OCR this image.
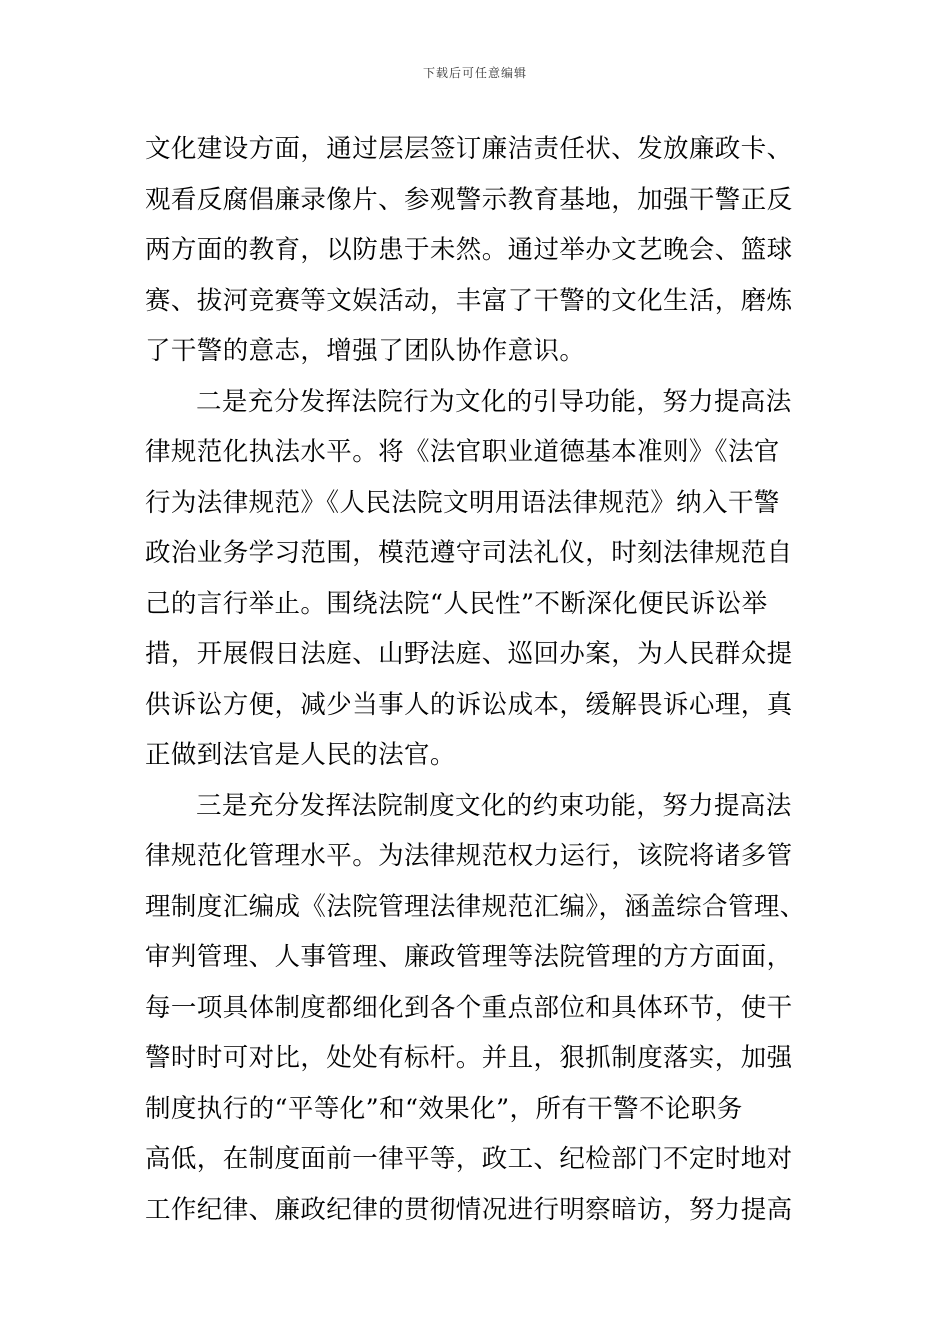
下载后可任意编辑
文化建设方面，通过层层签订廉洁责任状、发放廉政卡、
观看反腐倡廉录像片、参观警示教育基地，加强干警正反
两方面的教育，以防患于未然。通过举办文艺晚会、篮球
赛、拔河竞赛等文娱活动，丰富了干警的文化生活，磨炼
了干警的意志，增强了团队协作意识。
二是充分发挥法院行为文化的引导功能，努力提高法
律规范化执法水平。将《法官职业道德基本准则》《法官
行为法律规范》《人民法院文明用语法律规范》纳入干警
政治业务学习范围，模范遵守司法礼仪，时刻法律规范自
己的言行举止。围绕法院“人民性”不断深化便民诉讼举
措，开展假日法庭、山野法庭、巡回办案，为人民群众提
供诉讼方便，减少当事人的诉讼成本，缓解畏诉心理，真
正做到法官是人民的法官。
三是充分发挥法院制度文化的约束功能，努力提高法
律规范化管理水平。为法律规范权力运行，该院将诸多管
理制度汇编成《法院管理法律规范汇编》，涵盖综合管理、
审判管理、人事管理、廉政管理等法院管理的方方面面，
每一项具体制度都细化到各个重点部位和具体环节，使干
警时时可对比，处处有标杆。并且，狠抓制度落实，加强
制度执行的“平等化”和“效果化”，所有干警不论职务
高低，在制度面前一律平等，政工、纪检部门不定时地对
工作纪律、廉政纪律的贯彻情况进行明察暗访，努力提高
